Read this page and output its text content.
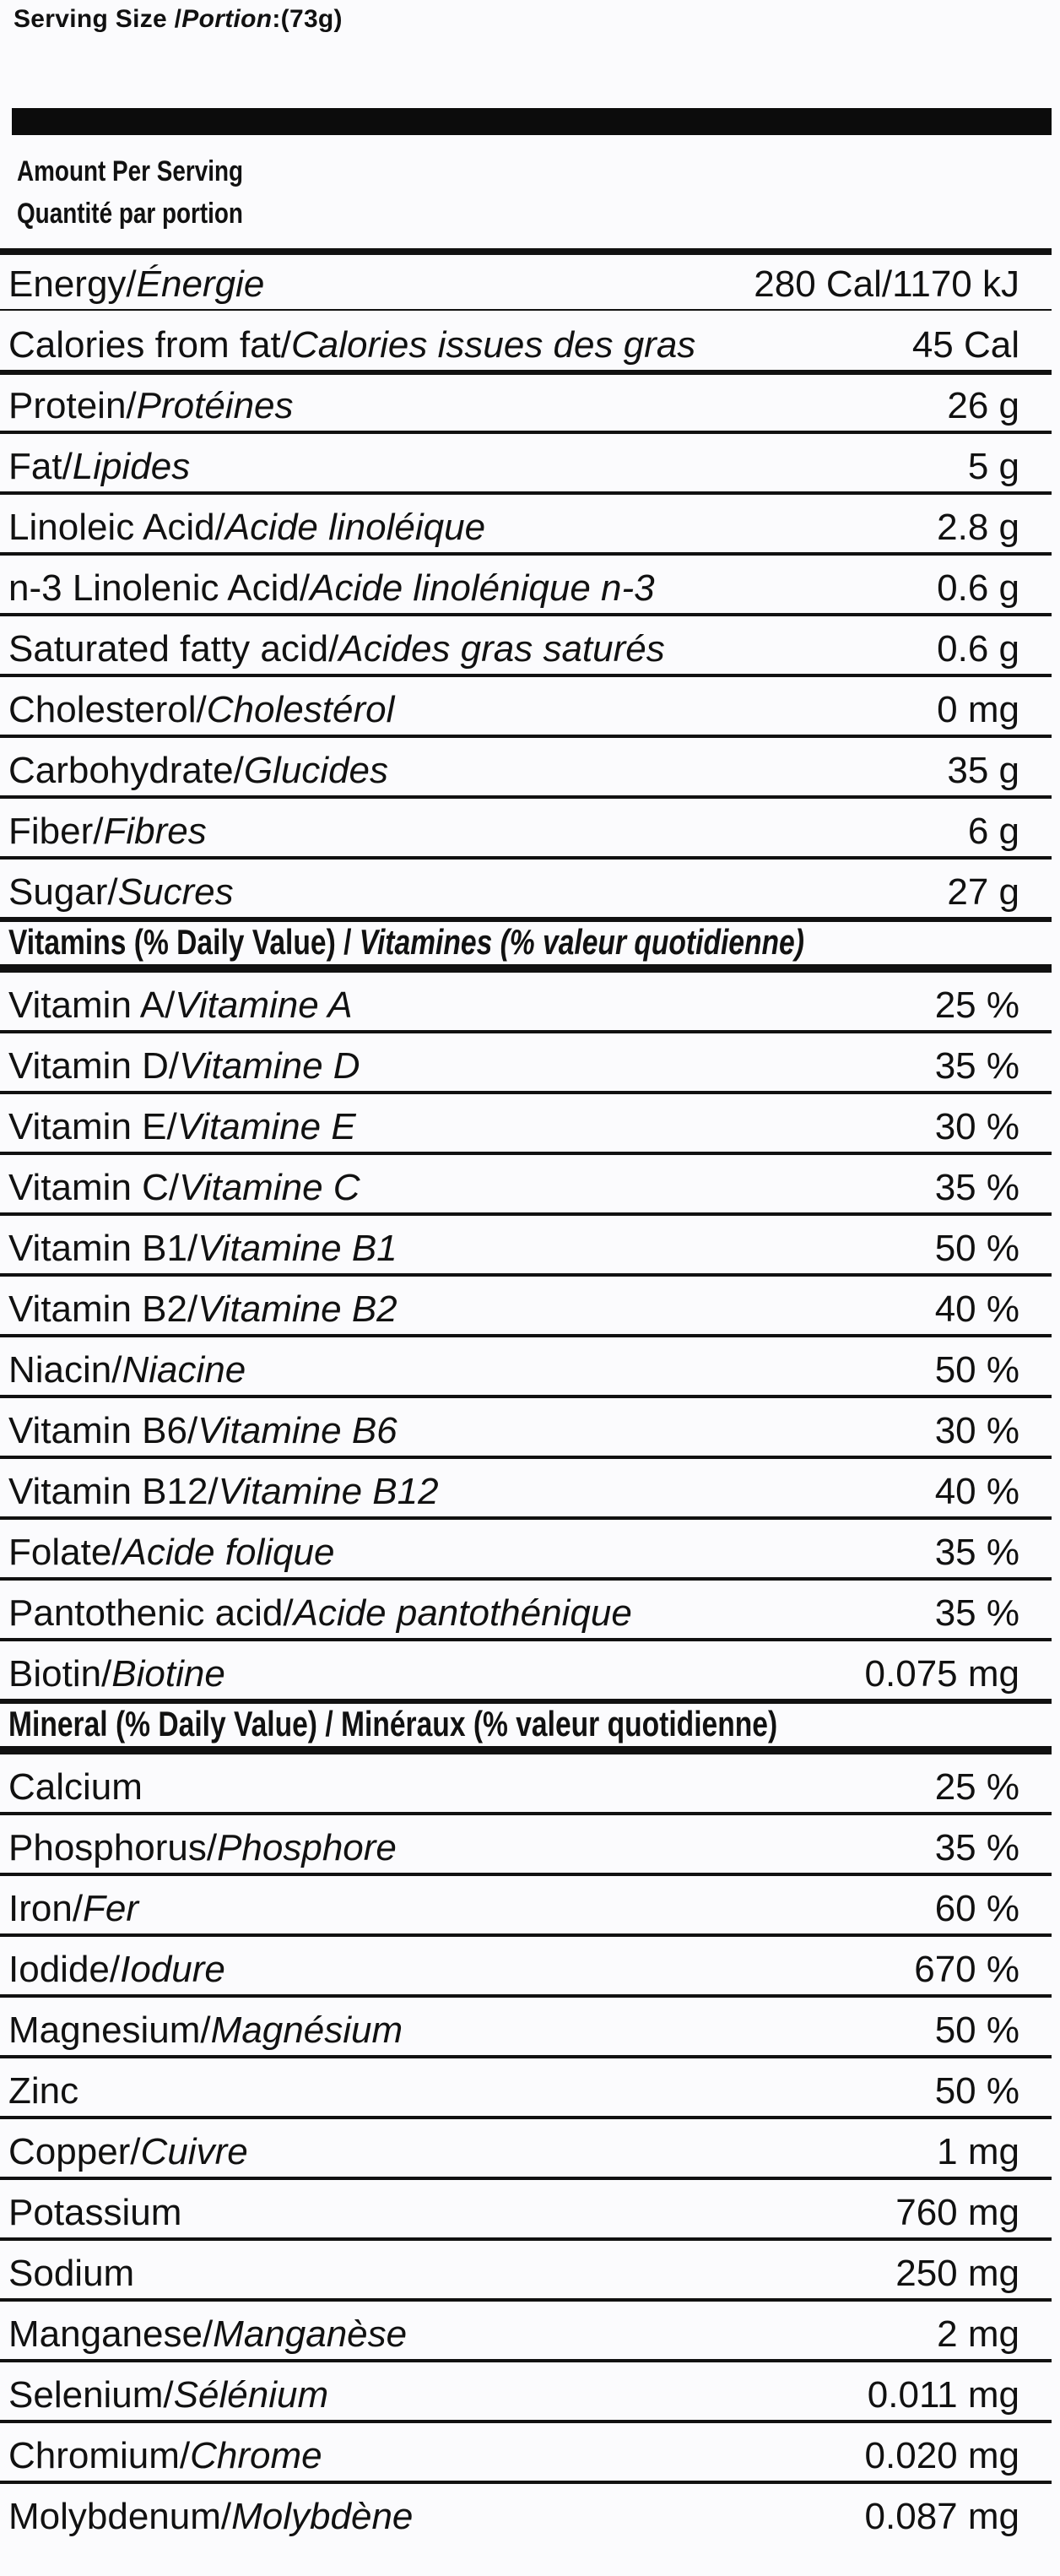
Serving Size /Portion:(73g)
Amount Per Serving
Quantité par portion
Energy/Énergie	280 Cal/1170 kJ
Calories from fat/Calories issues des gras	45 Cal
Protein/Protéines	26 g
Fat/Lipides	5 g
Linoleic Acid/Acide linoléique	2.8 g
n-3 Linolenic Acid/Acide linolénique n-3	0.6 g
Saturated fatty acid/Acides gras saturés	0.6 g
Cholesterol/Cholestérol	0 mg
Carbohydrate/Glucides	35 g
Fiber/Fibres	6 g
Sugar/Sucres	27 g
Vitamins (% Daily Value) / Vitamines (% valeur quotidienne)
Vitamin A/Vitamine A	25 %
Vitamin D/Vitamine D	35 %
Vitamin E/Vitamine E	30 %
Vitamin C/Vitamine C	35 %
Vitamin B1/Vitamine B1	50 %
Vitamin B2/Vitamine B2	40 %
Niacin/Niacine	50 %
Vitamin B6/Vitamine B6	30 %
Vitamin B12/Vitamine B12	40 %
Folate/Acide folique	35 %
Pantothenic acid/Acide pantothénique	35 %
Biotin/Biotine	0.075 mg
Mineral (% Daily Value) / Minéraux (% valeur quotidienne)
Calcium	25 %
Phosphorus/Phosphore	35 %
Iron/Fer	60 %
Iodide/Iodure	670 %
Magnesium/Magnésium	50 %
Zinc	50 %
Copper/Cuivre	1 mg
Potassium	760 mg
Sodium	250 mg
Manganese/Manganèse	2 mg
Selenium/Sélénium	0.011 mg
Chromium/Chrome	0.020 mg
Molybdenum/Molybdène	0.087 mg
